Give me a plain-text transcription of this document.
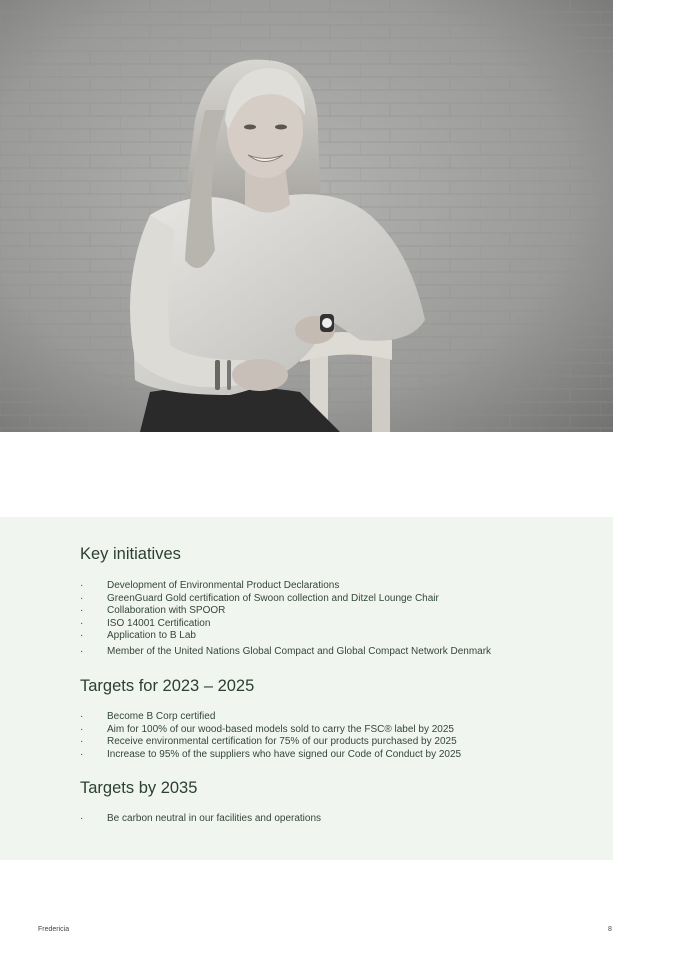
Key initiatives
· Development of Environmental Product Declarations
· GreenGuard Gold certification of Swoon collection and Ditzel Lounge Chair
· Collaboration with SPOOR
· ISO 14001 Certification
· Application to B Lab
· Member of the United Nations Global Compact and Global Compact Network Denmark
Targets for 2023 – 2025
· Become B Corp certified
· Aim for 100% of our wood-based models sold to carry the FSC® label by 2025
· Receive environmental certification for 75% of our products purchased by 2025
· Increase to 95% of the suppliers who have signed our Code of Conduct by 2025
Targets by 2035
· Be carbon neutral in our facilities and operations
Fredericia	8
